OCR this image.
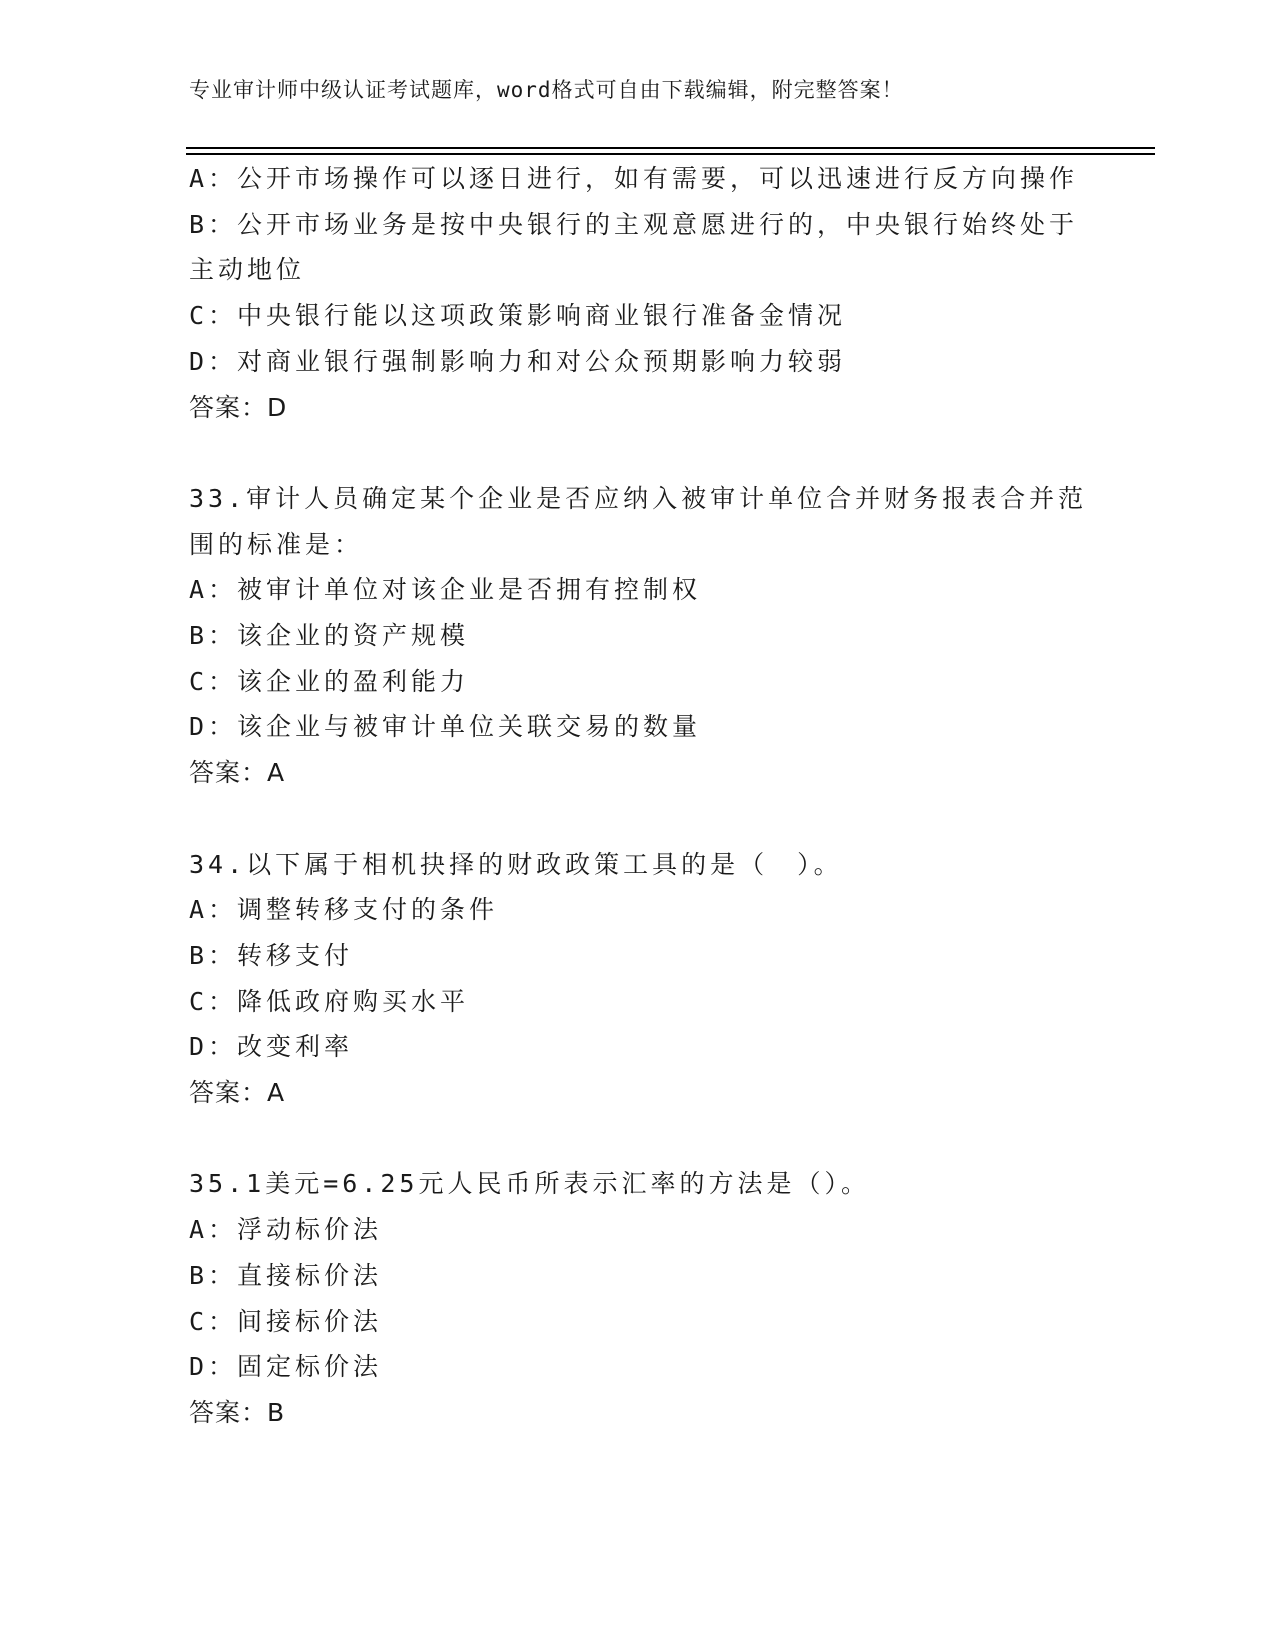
专业审计师中级认证考试题库，word格式可自由下载编辑，附完整答案！
A：公开市场操作可以逐日进行，如有需要，可以迅速进行反方向操作
B：公开市场业务是按中央银行的主观意愿进行的，中央银行始终处于
主动地位
C：中央银行能以这项政策影响商业银行准备金情况
D：对商业银行强制影响力和对公众预期影响力较弱
答案：D
33.审计人员确定某个企业是否应纳入被审计单位合并财务报表合并范
围的标准是：
A：被审计单位对该企业是否拥有控制权
B：该企业的资产规模
C：该企业的盈利能力
D：该企业与被审计单位关联交易的数量
答案：A
34.以下属于相机抉择的财政政策工具的是（　）。
A：调整转移支付的条件
B：转移支付
C：降低政府购买水平
D：改变利率
答案：A
35.1美元=6.25元人民币所表示汇率的方法是（）。
A：浮动标价法
B：直接标价法
C：间接标价法
D：固定标价法
答案：B
